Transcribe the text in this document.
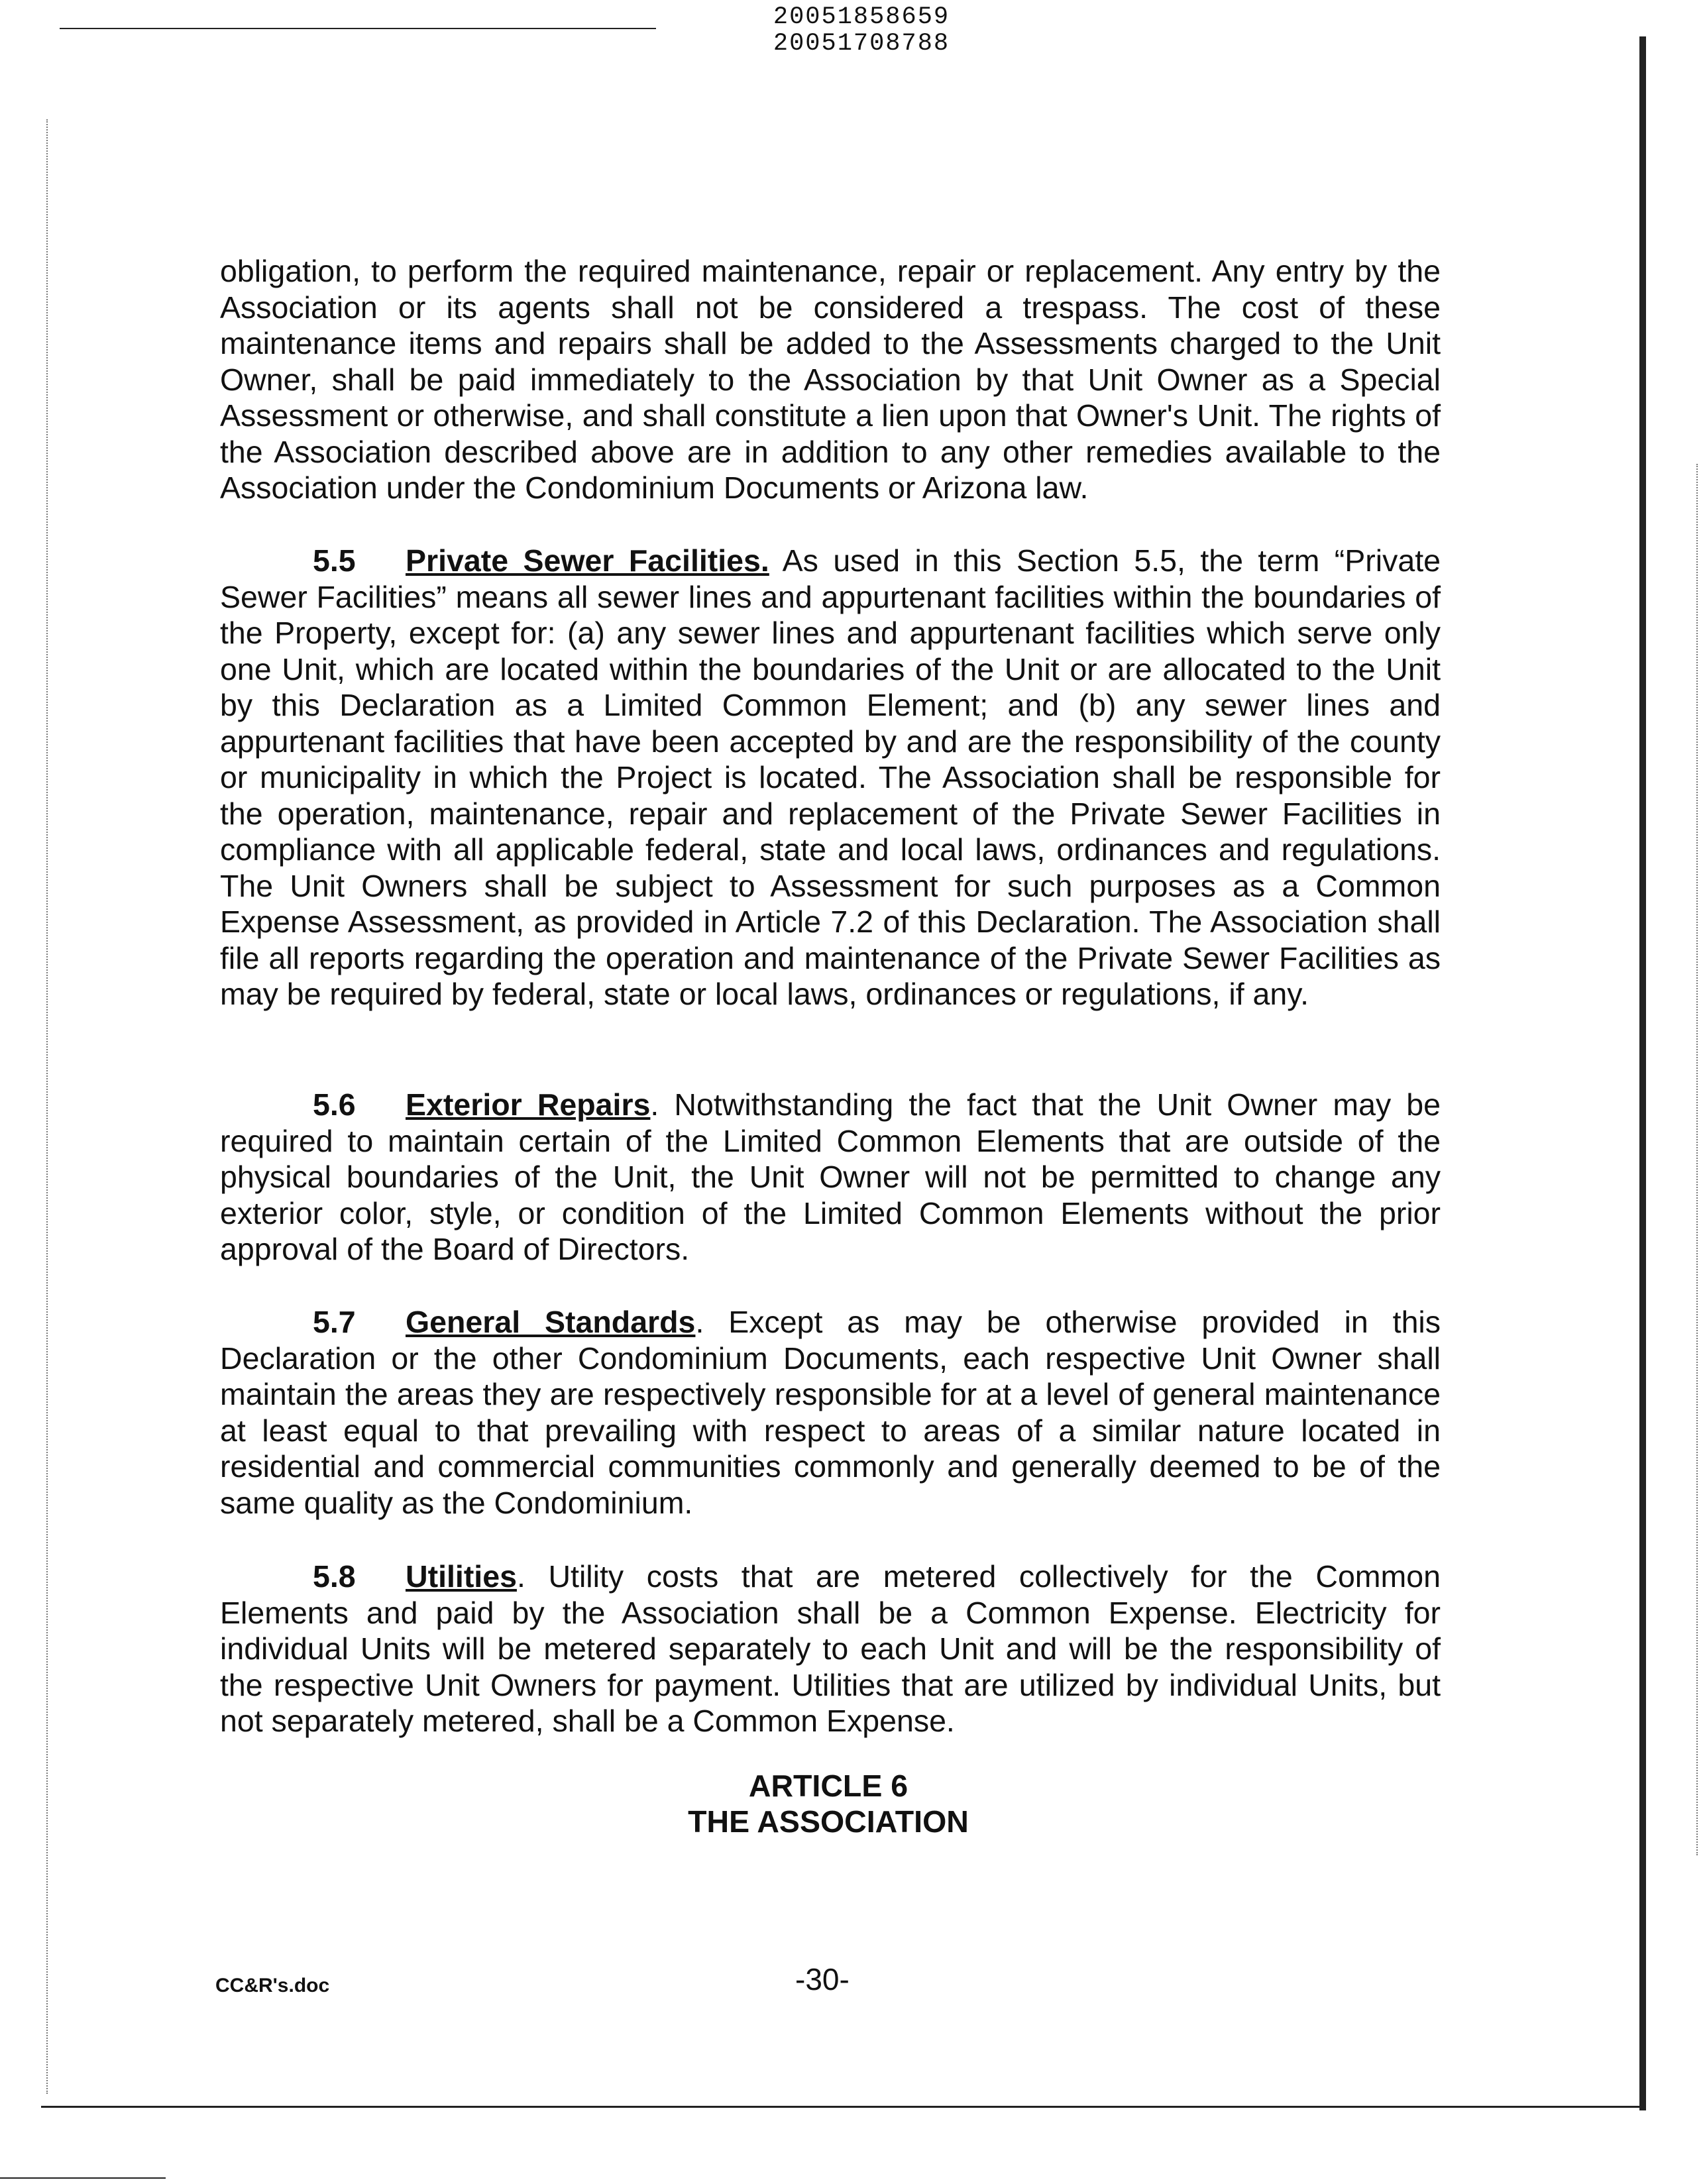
20051858659
20051708788
obligation, to perform the required maintenance, repair or replacement. Any entry by the Association or its agents shall not be considered a trespass. The cost of these maintenance items and repairs shall be added to the Assessments charged to the Unit Owner, shall be paid immediately to the Association by that Unit Owner as a Special Assessment or otherwise, and shall constitute a lien upon that Owner's Unit. The rights of the Association described above are in addition to any other remedies available to the Association under the Condominium Documents or Arizona law.
5.5 Private Sewer Facilities. As used in this Section 5.5, the term “Private Sewer Facilities” means all sewer lines and appurtenant facilities within the boundaries of the Property, except for: (a) any sewer lines and appurtenant facilities which serve only one Unit, which are located within the boundaries of the Unit or are allocated to the Unit by this Declaration as a Limited Common Element; and (b) any sewer lines and appurtenant facilities that have been accepted by and are the responsibility of the county or municipality in which the Project is located. The Association shall be responsible for the operation, maintenance, repair and replacement of the Private Sewer Facilities in compliance with all applicable federal, state and local laws, ordinances and regulations. The Unit Owners shall be subject to Assessment for such purposes as a Common Expense Assessment, as provided in Article 7.2 of this Declaration. The Association shall file all reports regarding the operation and maintenance of the Private Sewer Facilities as may be required by federal, state or local laws, ordinances or regulations, if any.
5.6 Exterior Repairs. Notwithstanding the fact that the Unit Owner may be required to maintain certain of the Limited Common Elements that are outside of the physical boundaries of the Unit, the Unit Owner will not be permitted to change any exterior color, style, or condition of the Limited Common Elements without the prior approval of the Board of Directors.
5.7 General Standards. Except as may be otherwise provided in this Declaration or the other Condominium Documents, each respective Unit Owner shall maintain the areas they are respectively responsible for at a level of general maintenance at least equal to that prevailing with respect to areas of a similar nature located in residential and commercial communities commonly and generally deemed to be of the same quality as the Condominium.
5.8 Utilities. Utility costs that are metered collectively for the Common Elements and paid by the Association shall be a Common Expense. Electricity for individual Units will be metered separately to each Unit and will be the responsibility of the respective Unit Owners for payment. Utilities that are utilized by individual Units, but not separately metered, shall be a Common Expense.
ARTICLE 6
THE ASSOCIATION
CC&R's.doc	-30-
